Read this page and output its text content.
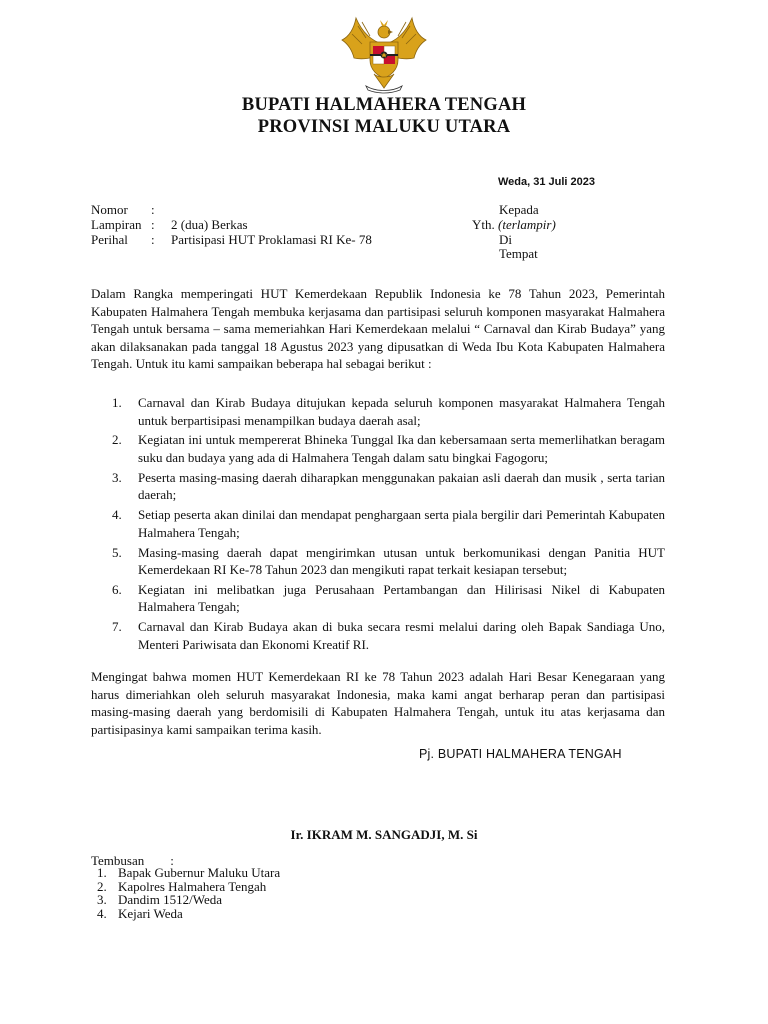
BUPATI HALMAHERA TENGAH
PROVINSI MALUKU UTARA
Weda, 31 Juli 2023
Nomor :
Lampiran : 2 (dua) Berkas
Perihal : Partisipasi HUT Proklamasi RI Ke- 78
Kepada
Yth. (terlampir)
Di
Tempat
Dalam Rangka memperingati HUT Kemerdekaan Republik Indonesia ke 78 Tahun 2023, Pemerintah Kabupaten Halmahera Tengah membuka kerjasama dan partisipasi seluruh komponen masyarakat Halmahera Tengah untuk bersama – sama memeriahkan Hari Kemerdekaan melalui “ Carnaval dan Kirab Budaya” yang akan dilaksanakan pada tanggal 18 Agustus 2023 yang dipusatkan di Weda Ibu Kota Kabupaten Halmahera Tengah. Untuk itu kami sampaikan beberapa hal sebagai berikut :
1. Carnaval dan Kirab Budaya ditujukan kepada seluruh komponen masyarakat Halmahera Tengah untuk berpartisipasi menampilkan budaya daerah asal;
2. Kegiatan ini untuk mempererat Bhineka Tunggal Ika dan kebersamaan serta memerlihatkan beragam suku dan budaya yang ada di Halmahera Tengah dalam satu bingkai Fagogoru;
3. Peserta masing-masing daerah diharapkan menggunakan pakaian asli daerah dan musik , serta tarian daerah;
4. Setiap peserta akan dinilai dan mendapat penghargaan serta piala bergilir dari Pemerintah Kabupaten Halmahera Tengah;
5. Masing-masing daerah dapat mengirimkan utusan untuk berkomunikasi dengan Panitia HUT Kemerdekaan RI Ke-78 Tahun 2023 dan mengikuti rapat terkait kesiapan tersebut;
6. Kegiatan ini melibatkan juga Perusahaan Pertambangan dan Hilirisasi Nikel di Kabupaten Halmahera Tengah;
7. Carnaval dan Kirab Budaya akan di buka secara resmi melalui daring oleh Bapak Sandiaga Uno, Menteri Pariwisata dan Ekonomi Kreatif RI.
Mengingat bahwa momen HUT Kemerdekaan RI ke 78 Tahun 2023 adalah Hari Besar Kenegaraan yang harus dimeriahkan oleh seluruh masyarakat Indonesia, maka kami angat berharap peran dan partisipasi masing-masing daerah yang berdomisili di Kabupaten Halmahera Tengah, untuk itu atas kerjasama dan partisipasinya kami sampaikan terima kasih.
Pj. BUPATI HALMAHERA TENGAH
Ir. IKRAM M. SANGADJI, M. Si
Tembusan :
1. Bapak Gubernur Maluku Utara
2. Kapolres Halmahera Tengah
3. Dandim 1512/Weda
4. Kejari Weda
